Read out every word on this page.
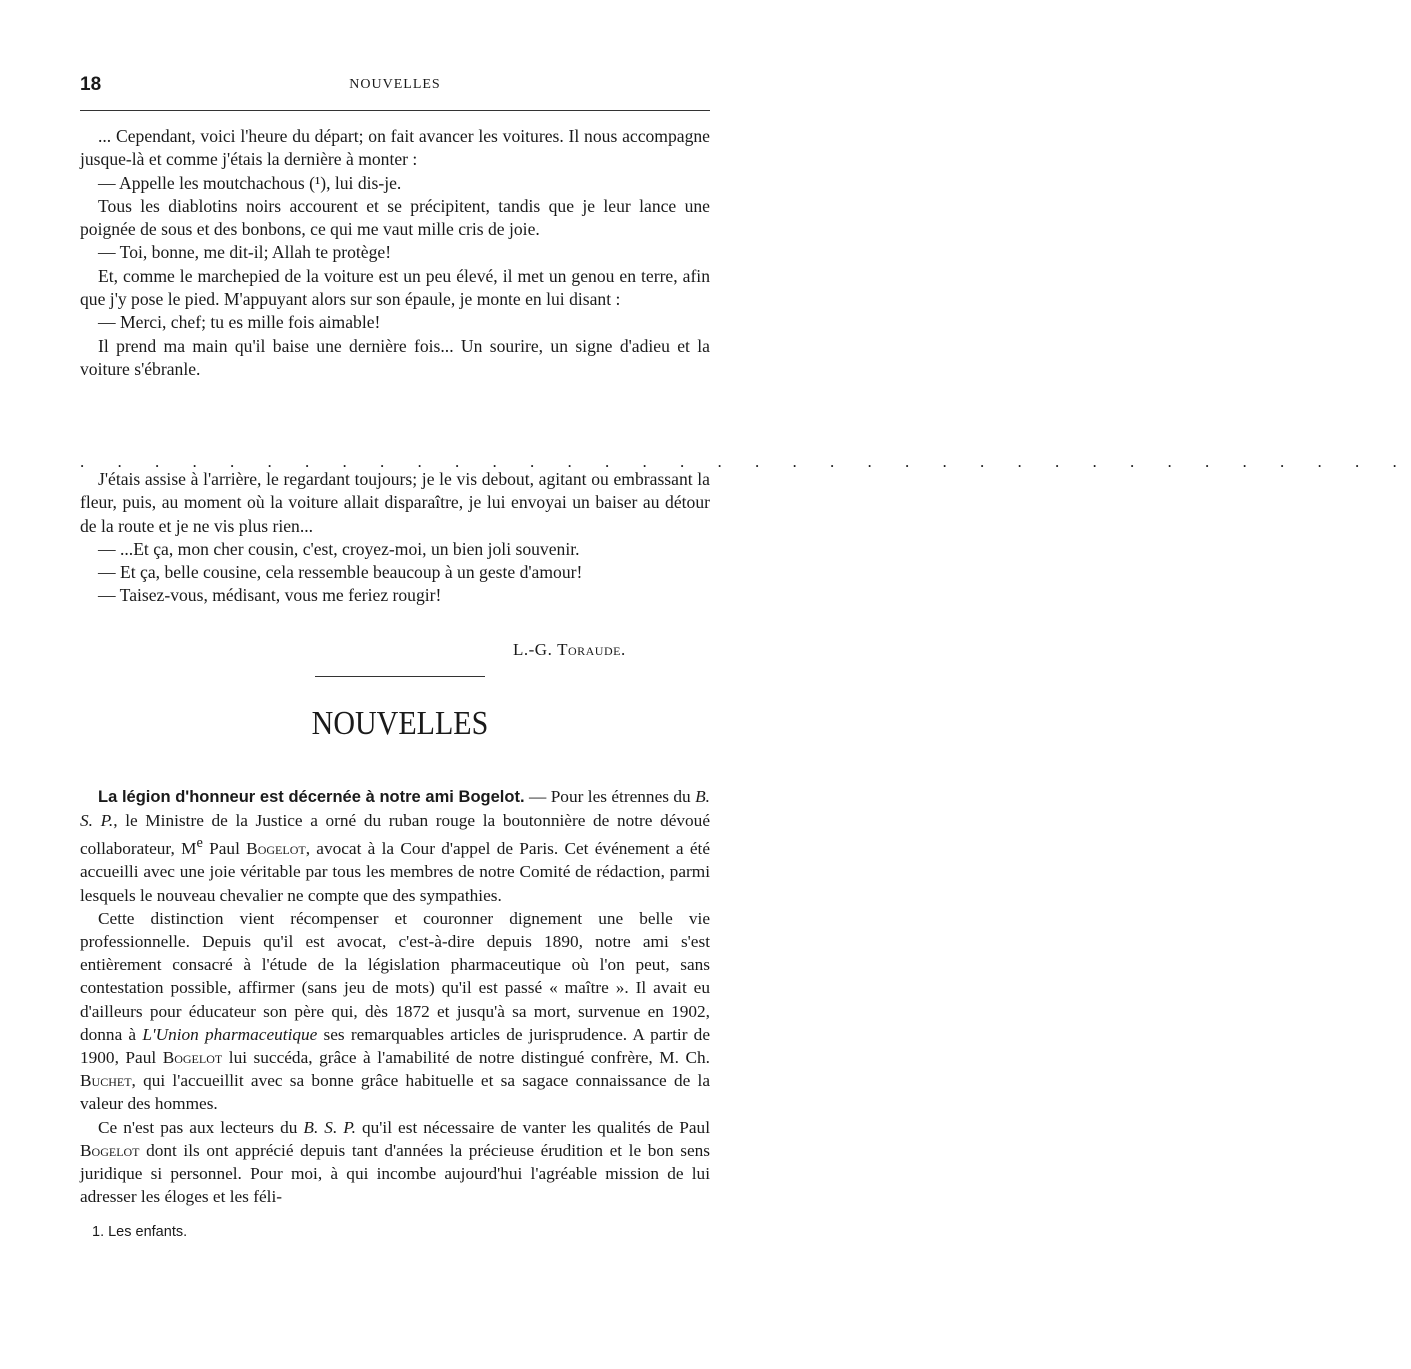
18	NOUVELLES

... Cependant, voici l'heure du départ; on fait avancer les voitures. Il nous accompagne jusque-là et comme j'étais la dernière à monter :

— Appelle les moutchachous (¹), lui dis-je.

Tous les diablotins noirs accourent et se précipitent, tandis que je leur lance une poignée de sous et des bonbons, ce qui me vaut mille cris de joie.

— Toi, bonne, me dit-il; Allah te protège!

Et, comme le marchepied de la voiture est un peu élevé, il met un genou en terre, afin que j'y pose le pied. M'appuyant alors sur son épaule, je monte en lui disant :

— Merci, chef; tu es mille fois aimable!

Il prend ma main qu'il baise une dernière fois... Un sourire, un signe d'adieu et la voiture s'ébranle.

. . . . . . . . . . . . . . . . . . . . . . . . . . . . . . . . . . . .

J'étais assise à l'arrière, le regardant toujours; je le vis debout, agitant ou embrassant la fleur, puis, au moment où la voiture allait disparaître, je lui envoyai un baiser au détour de la route et je ne vis plus rien...

— ...Et ça, mon cher cousin, c'est, croyez-moi, un bien joli souvenir.

— Et ça, belle cousine, cela ressemble beaucoup à un geste d'amour!

— Taisez-vous, médisant, vous me feriez rougir!

L.-G. Toraude.
NOUVELLES

La légion d'honneur est décernée à notre ami Bogelot. — Pour les étrennes du B. S. P., le Ministre de la Justice a orné du ruban rouge la boutonnière de notre dévoué collaborateur, Me Paul Bogelot, avocat à la Cour d'appel de Paris. Cet événement a été accueilli avec une joie véritable par tous les membres de notre Comité de rédaction, parmi lesquels le nouveau chevalier ne compte que des sympathies.

Cette distinction vient récompenser et couronner dignement une belle vie professionnelle. Depuis qu'il est avocat, c'est-à-dire depuis 1890, notre ami s'est entièrement consacré à l'étude de la législation pharmaceutique où l'on peut, sans contestation possible, affirmer (sans jeu de mots) qu'il est passé « maître ». Il avait eu d'ailleurs pour éducateur son père qui, dès 1872 et jusqu'à sa mort, survenue en 1902, donna à L'Union pharmaceutique ses remarquables articles de jurisprudence. A partir de 1900, Paul Bogelot lui succéda, grâce à l'amabilité de notre distingué confrère, M. Ch. Buchet, qui l'accueillit avec sa bonne grâce habituelle et sa sagace connaissance de la valeur des hommes.

Ce n'est pas aux lecteurs du B. S. P. qu'il est nécessaire de vanter les qualités de Paul Bogelot dont ils ont apprécié depuis tant d'années la précieuse érudition et le bon sens juridique si personnel. Pour moi, à qui incombe aujourd'hui l'agréable mission de lui adresser les éloges et les féli-

1. Les enfants.
